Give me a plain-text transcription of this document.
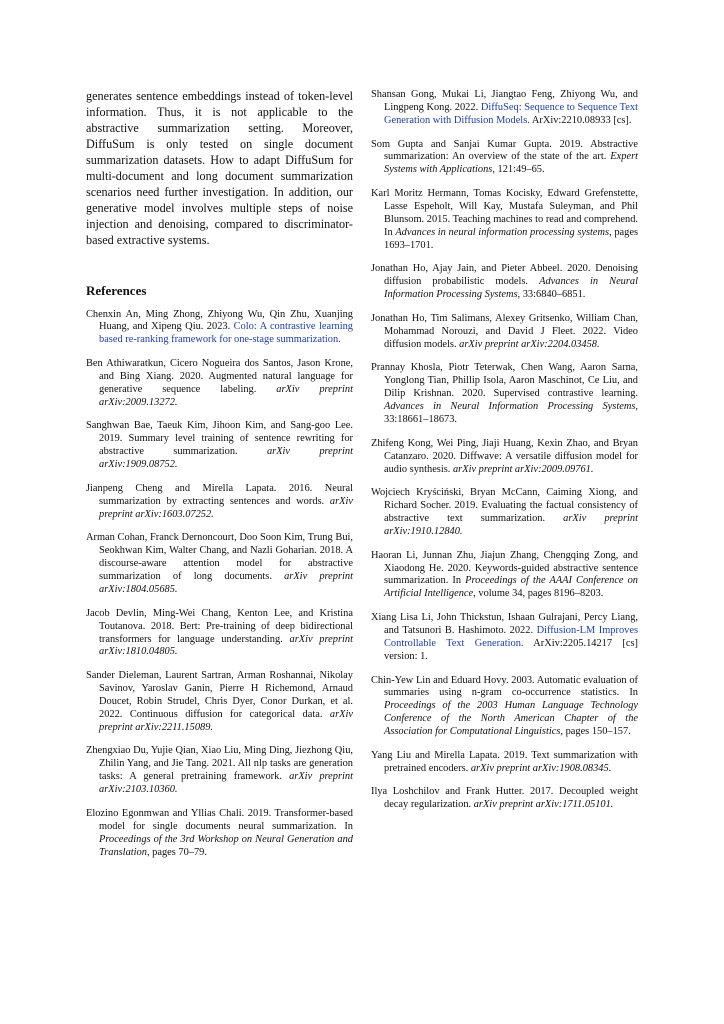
generates sentence embeddings instead of token-level information. Thus, it is not applicable to the abstractive summarization setting. Moreover, DiffuSum is only tested on single document summarization datasets. How to adapt DiffuSum for multi-document and long document summarization scenarios need further investigation. In addition, our generative model involves multiple steps of noise injection and denoising, compared to discriminator-based extractive systems.

References

Chenxin An, Ming Zhong, Zhiyong Wu, Qin Zhu, Xuanjing Huang, and Xipeng Qiu. 2023. Colo: A contrastive learning based re-ranking framework for one-stage summarization.

Ben Athiwaratkun, Cicero Nogueira dos Santos, Jason Krone, and Bing Xiang. 2020. Augmented natural language for generative sequence labeling. arXiv preprint arXiv:2009.13272.

Sanghwan Bae, Taeuk Kim, Jihoon Kim, and Sang-goo Lee. 2019. Summary level training of sentence rewriting for abstractive summarization. arXiv preprint arXiv:1909.08752.

Jianpeng Cheng and Mirella Lapata. 2016. Neural summarization by extracting sentences and words. arXiv preprint arXiv:1603.07252.

Arman Cohan, Franck Dernoncourt, Doo Soon Kim, Trung Bui, Seokhwan Kim, Walter Chang, and Nazli Goharian. 2018. A discourse-aware attention model for abstractive summarization of long documents. arXiv preprint arXiv:1804.05685.

Jacob Devlin, Ming-Wei Chang, Kenton Lee, and Kristina Toutanova. 2018. Bert: Pre-training of deep bidirectional transformers for language understanding. arXiv preprint arXiv:1810.04805.

Sander Dieleman, Laurent Sartran, Arman Roshannai, Nikolay Savinov, Yaroslav Ganin, Pierre H Richemond, Arnaud Doucet, Robin Strudel, Chris Dyer, Conor Durkan, et al. 2022. Continuous diffusion for categorical data. arXiv preprint arXiv:2211.15089.

Zhengxiao Du, Yujie Qian, Xiao Liu, Ming Ding, Jiezhong Qiu, Zhilin Yang, and Jie Tang. 2021. All nlp tasks are generation tasks: A general pretraining framework. arXiv preprint arXiv:2103.10360.

Elozino Egonmwan and Yllias Chali. 2019. Transformer-based model for single documents neural summarization. In Proceedings of the 3rd Workshop on Neural Generation and Translation, pages 70–79.

Shansan Gong, Mukai Li, Jiangtao Feng, Zhiyong Wu, and Lingpeng Kong. 2022. DiffuSeq: Sequence to Sequence Text Generation with Diffusion Models. ArXiv:2210.08933 [cs].

Som Gupta and Sanjai Kumar Gupta. 2019. Abstractive summarization: An overview of the state of the art. Expert Systems with Applications, 121:49–65.

Karl Moritz Hermann, Tomas Kocisky, Edward Grefenstette, Lasse Espeholt, Will Kay, Mustafa Suleyman, and Phil Blunsom. 2015. Teaching machines to read and comprehend. In Advances in neural information processing systems, pages 1693–1701.

Jonathan Ho, Ajay Jain, and Pieter Abbeel. 2020. Denoising diffusion probabilistic models. Advances in Neural Information Processing Systems, 33:6840–6851.

Jonathan Ho, Tim Salimans, Alexey Gritsenko, William Chan, Mohammad Norouzi, and David J Fleet. 2022. Video diffusion models. arXiv preprint arXiv:2204.03458.

Prannay Khosla, Piotr Teterwak, Chen Wang, Aaron Sarna, Yonglong Tian, Phillip Isola, Aaron Maschinot, Ce Liu, and Dilip Krishnan. 2020. Supervised contrastive learning. Advances in Neural Information Processing Systems, 33:18661–18673.

Zhifeng Kong, Wei Ping, Jiaji Huang, Kexin Zhao, and Bryan Catanzaro. 2020. Diffwave: A versatile diffusion model for audio synthesis. arXiv preprint arXiv:2009.09761.

Wojciech Kryściński, Bryan McCann, Caiming Xiong, and Richard Socher. 2019. Evaluating the factual consistency of abstractive text summarization. arXiv preprint arXiv:1910.12840.

Haoran Li, Junnan Zhu, Jiajun Zhang, Chengqing Zong, and Xiaodong He. 2020. Keywords-guided abstractive sentence summarization. In Proceedings of the AAAI Conference on Artificial Intelligence, volume 34, pages 8196–8203.

Xiang Lisa Li, John Thickstun, Ishaan Gulrajani, Percy Liang, and Tatsunori B. Hashimoto. 2022. Diffusion-LM Improves Controllable Text Generation. ArXiv:2205.14217 [cs] version: 1.

Chin-Yew Lin and Eduard Hovy. 2003. Automatic evaluation of summaries using n-gram co-occurrence statistics. In Proceedings of the 2003 Human Language Technology Conference of the North American Chapter of the Association for Computational Linguistics, pages 150–157.

Yang Liu and Mirella Lapata. 2019. Text summarization with pretrained encoders. arXiv preprint arXiv:1908.08345.

Ilya Loshchilov and Frank Hutter. 2017. Decoupled weight decay regularization. arXiv preprint arXiv:1711.05101.
